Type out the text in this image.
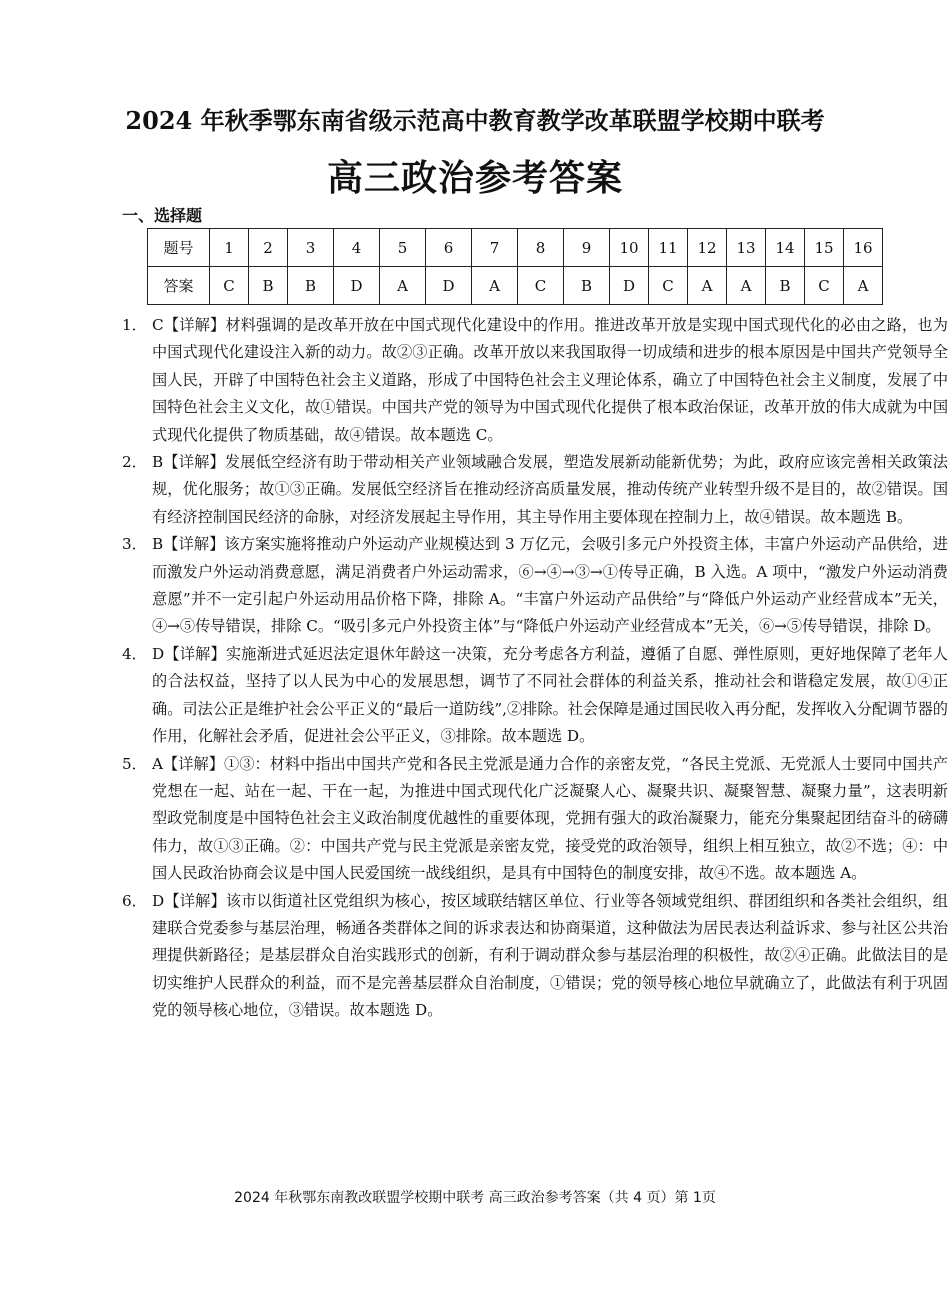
2024 年秋季鄂东南省级示范高中教育教学改革联盟学校期中联考
高三政治参考答案
一、选择题
题号	1	2	3	4	5	6	7	8	9	10	11	12	13	14	15	16
答案	C	B	B	D	A	D	A	C	B	D	C	A	A	B	C	A
1． C【详解】材料强调的是改革开放在中国式现代化建设中的作用。推进改革开放是实现中国式现代化的必由之路，也为中国式现代化建设注入新的动力。故②③正确。改革开放以来我国取得一切成绩和进步的根本原因是中国共产党领导全国人民，开辟了中国特色社会主义道路，形成了中国特色社会主义理论体系，确立了中国特色社会主义制度，发展了中国特色社会主义文化，故①错误。中国共产党的领导为中国式现代化提供了根本政治保证，改革开放的伟大成就为中国式现代化提供了物质基础，故④错误。故本题选 C。
2． B【详解】发展低空经济有助于带动相关产业领域融合发展，塑造发展新动能新优势；为此，政府应该完善相关政策法规，优化服务；故①③正确。发展低空经济旨在推动经济高质量发展，推动传统产业转型升级不是目的，故②错误。国有经济控制国民经济的命脉，对经济发展起主导作用，其主导作用主要体现在控制力上，故④错误。故本题选 B。
3． B【详解】该方案实施将推动户外运动产业规模达到 3 万亿元，会吸引多元户外投资主体，丰富户外运动产品供给，进而激发户外运动消费意愿，满足消费者户外运动需求，⑥→④→③→①传导正确，B 入选。A 项中，“激发户外运动消费意愿”并不一定引起户外运动用品价格下降，排除 A。“丰富户外运动产品供给”与“降低户外运动产业经营成本”无关，④→⑤传导错误，排除 C。“吸引多元户外投资主体”与“降低户外运动产业经营成本”无关，⑥→⑤传导错误，排除 D。
4． D【详解】实施渐进式延迟法定退休年龄这一决策，充分考虑各方利益，遵循了自愿、弹性原则，更好地保障了老年人的合法权益，坚持了以人民为中心的发展思想，调节了不同社会群体的利益关系，推动社会和谐稳定发展，故①④正确。司法公正是维护社会公平正义的“最后一道防线”,②排除。社会保障是通过国民收入再分配，发挥收入分配调节器的作用，化解社会矛盾，促进社会公平正义，③排除。故本题选 D。
5． A【详解】①③：材料中指出中国共产党和各民主党派是通力合作的亲密友党，“各民主党派、无党派人士要同中国共产党想在一起、站在一起、干在一起，为推进中国式现代化广泛凝聚人心、凝聚共识、凝聚智慧、凝聚力量”，这表明新型政党制度是中国特色社会主义政治制度优越性的重要体现，党拥有强大的政治凝聚力，能充分集聚起团结奋斗的磅礴伟力，故①③正确。②：中国共产党与民主党派是亲密友党，接受党的政治领导，组织上相互独立，故②不选；④：中国人民政治协商会议是中国人民爱国统一战线组织，是具有中国特色的制度安排，故④不选。故本题选 A。
6． D【详解】该市以街道社区党组织为核心，按区域联结辖区单位、行业等各领域党组织、群团组织和各类社会组织，组建联合党委参与基层治理，畅通各类群体之间的诉求表达和协商渠道，这种做法为居民表达利益诉求、参与社区公共治理提供新路径；是基层群众自治实践形式的创新，有利于调动群众参与基层治理的积极性，故②④正确。此做法目的是切实维护人民群众的利益，而不是完善基层群众自治制度，①错误；党的领导核心地位早就确立了，此做法有利于巩固党的领导核心地位，③错误。故本题选 D。
2024 年秋鄂东南教改联盟学校期中联考 高三政治参考答案（共 4 页）第 1页
